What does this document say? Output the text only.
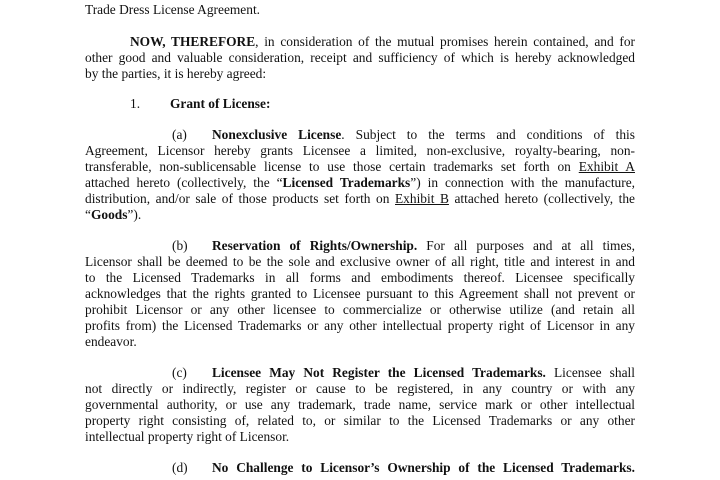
Trade Dress License Agreement.
NOW, THEREFORE, in consideration of the mutual promises herein contained, and for
other good and valuable consideration, receipt and sufficiency of which is hereby acknowledged
by the parties, it is hereby agreed:
1. Grant of License:
(a) Nonexclusive License. Subject to the terms and conditions of this
Agreement, Licensor hereby grants Licensee a limited, non-exclusive, royalty-bearing, non-
transferable, non-sublicensable license to use those certain trademarks set forth on Exhibit A
attached hereto (collectively, the “Licensed Trademarks”) in connection with the manufacture,
distribution, and/or sale of those products set forth on Exhibit B attached hereto (collectively, the
“Goods”).
(b) Reservation of Rights/Ownership. For all purposes and at all times,
Licensor shall be deemed to be the sole and exclusive owner of all right, title and interest in and
to the Licensed Trademarks in all forms and embodiments thereof. Licensee specifically
acknowledges that the rights granted to Licensee pursuant to this Agreement shall not prevent or
prohibit Licensor or any other licensee to commercialize or otherwise utilize (and retain all
profits from) the Licensed Trademarks or any other intellectual property right of Licensor in any
endeavor.
(c) Licensee May Not Register the Licensed Trademarks. Licensee shall
not directly or indirectly, register or cause to be registered, in any country or with any
governmental authority, or use any trademark, trade name, service mark or other intellectual
property right consisting of, related to, or similar to the Licensed Trademarks or any other
intellectual property right of Licensor.
(d) No Challenge to Licensor’s Ownership of the Licensed Trademarks.
